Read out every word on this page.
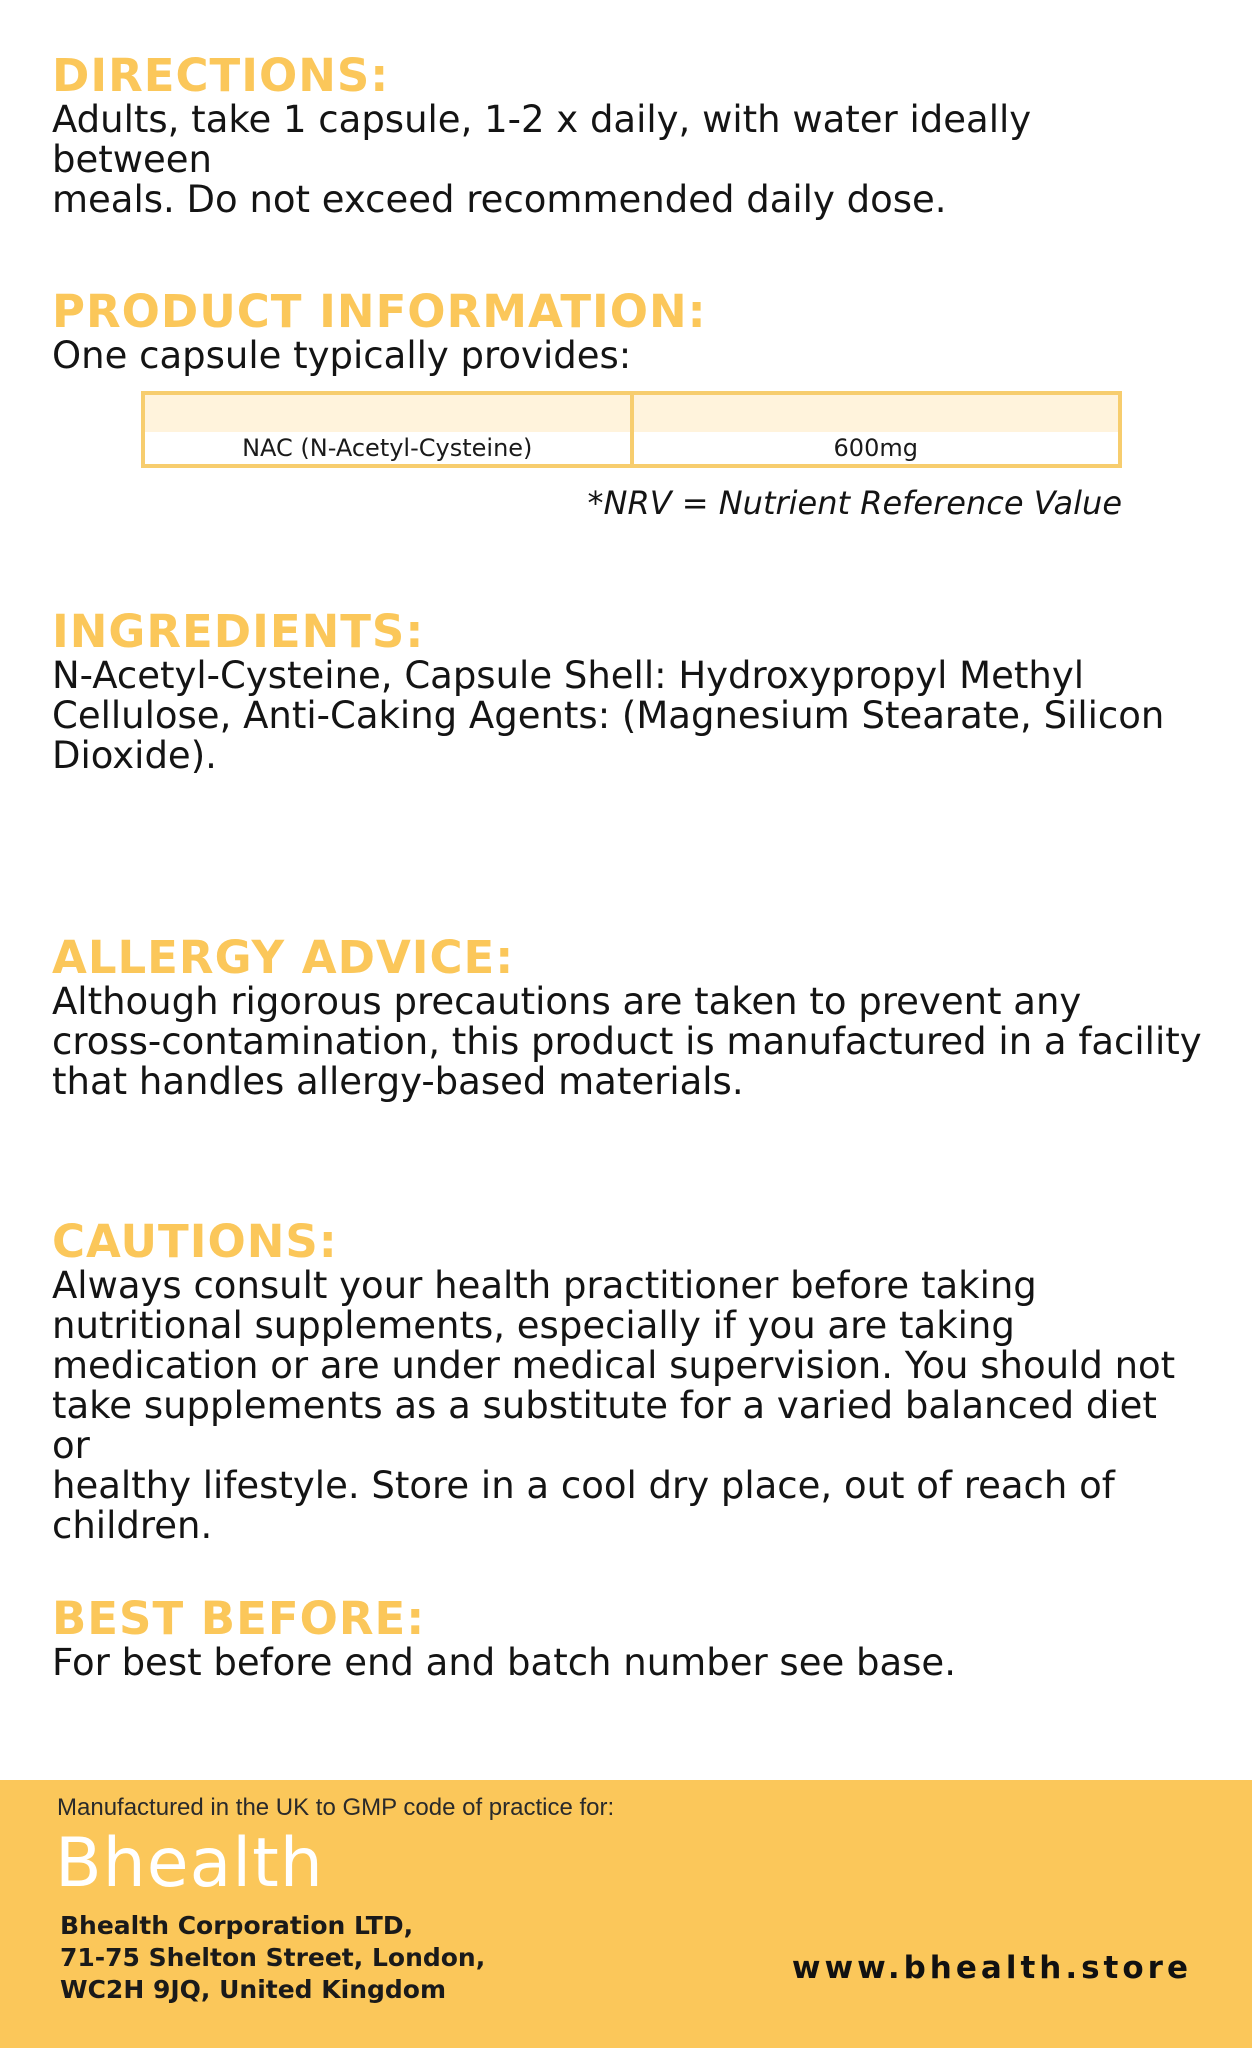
DIRECTIONS:

Adults, take 1 capsule, 1-2 x daily, with water ideally between

meals. Do not exceed recommended daily dose.

PRODUCT INFORMATION:

One capsule typically provides:

NAC (N-Acetyl-Cysteine)	600mg
*NRV = Nutrient Reference Value
INGREDIENTS:

N-Acetyl-Cysteine, Capsule Shell: Hydroxypropyl Methyl

Cellulose, Anti-Caking Agents: (Magnesium Stearate, Silicon

Dioxide).

ALLERGY ADVICE:

Although rigorous precautions are taken to prevent any

cross-contamination, this product is manufactured in a facility

that handles allergy-based materials.

CAUTIONS:

Always consult your health practitioner before taking

nutritional supplements, especially if you are taking

medication or are under medical supervision. You should not

take supplements as a substitute for a varied balanced diet or

healthy lifestyle. Store in a cool dry place, out of reach of

children.

BEST BEFORE:

For best before end and batch number see base.

Manufactured in the UK to GMP code of practice for:
Bhealth
Bhealth Corporation LTD,
71-75 Shelton Street, London,
WC2H 9JQ, United Kingdom
www.bhealth.store
